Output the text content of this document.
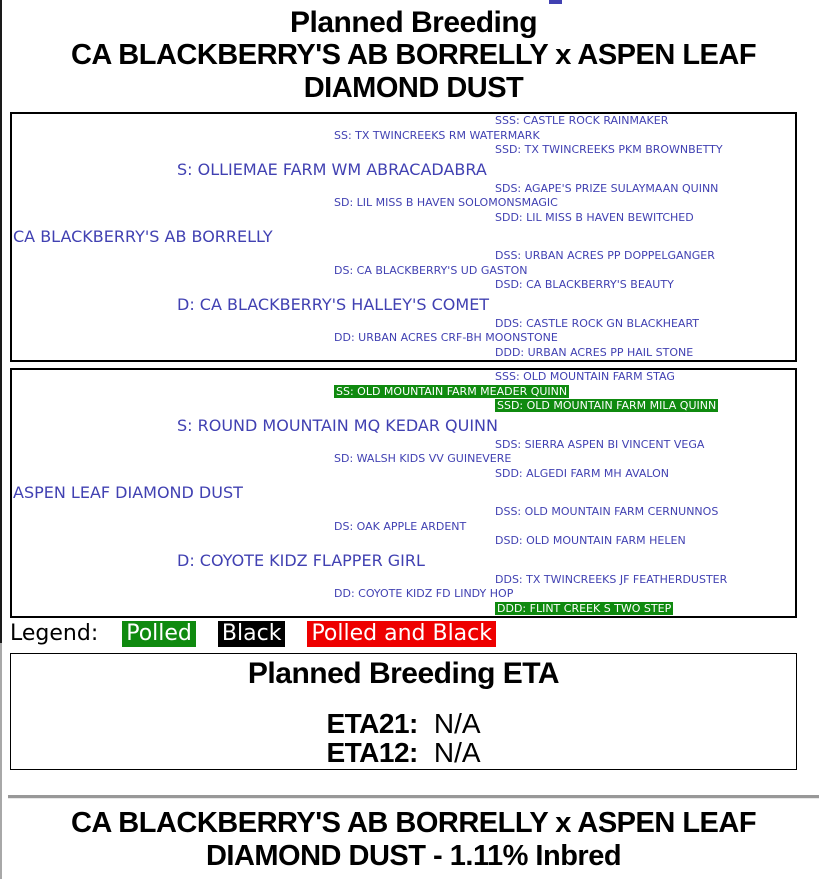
Planned Breeding
CA BLACKBERRY'S AB BORRELLY x ASPEN LEAF DIAMOND DUST
SSS: CASTLE ROCK RAINMAKER
SS: TX TWINCREEKS RM WATERMARK
SSD: TX TWINCREEKS PKM BROWNBETTY
S: OLLIEMAE FARM WM ABRACADABRA
SDS: AGAPE'S PRIZE SULAYMAAN QUINN
SD: LIL MISS B HAVEN SOLOMONSMAGIC
SDD: LIL MISS B HAVEN BEWITCHED
CA BLACKBERRY'S AB BORRELLY
DSS: URBAN ACRES PP DOPPELGANGER
DS: CA BLACKBERRY'S UD GASTON
DSD: CA BLACKBERRY'S BEAUTY
D: CA BLACKBERRY'S HALLEY'S COMET
DDS: CASTLE ROCK GN BLACKHEART
DD: URBAN ACRES CRF-BH MOONSTONE
DDD: URBAN ACRES PP HAIL STONE
SSS: OLD MOUNTAIN FARM STAG
SS: OLD MOUNTAIN FARM MEADER QUINN
SSD: OLD MOUNTAIN FARM MILA QUINN
S: ROUND MOUNTAIN MQ KEDAR QUINN
SDS: SIERRA ASPEN BI VINCENT VEGA
SD: WALSH KIDS VV GUINEVERE
SDD: ALGEDI FARM MH AVALON
ASPEN LEAF DIAMOND DUST
DSS: OLD MOUNTAIN FARM CERNUNNOS
DS: OAK APPLE ARDENT
DSD: OLD MOUNTAIN FARM HELEN
D: COYOTE KIDZ FLAPPER GIRL
DDS: TX TWINCREEKS JF FEATHERDUSTER
DD: COYOTE KIDZ FD LINDY HOP
DDD: FLINT CREEK S TWO STEP
Legend: Polled Black Polled and Black
Planned Breeding ETA
ETA21: N/A
ETA12: N/A
CA BLACKBERRY'S AB BORRELLY x ASPEN LEAF DIAMOND DUST - 1.11% Inbred
